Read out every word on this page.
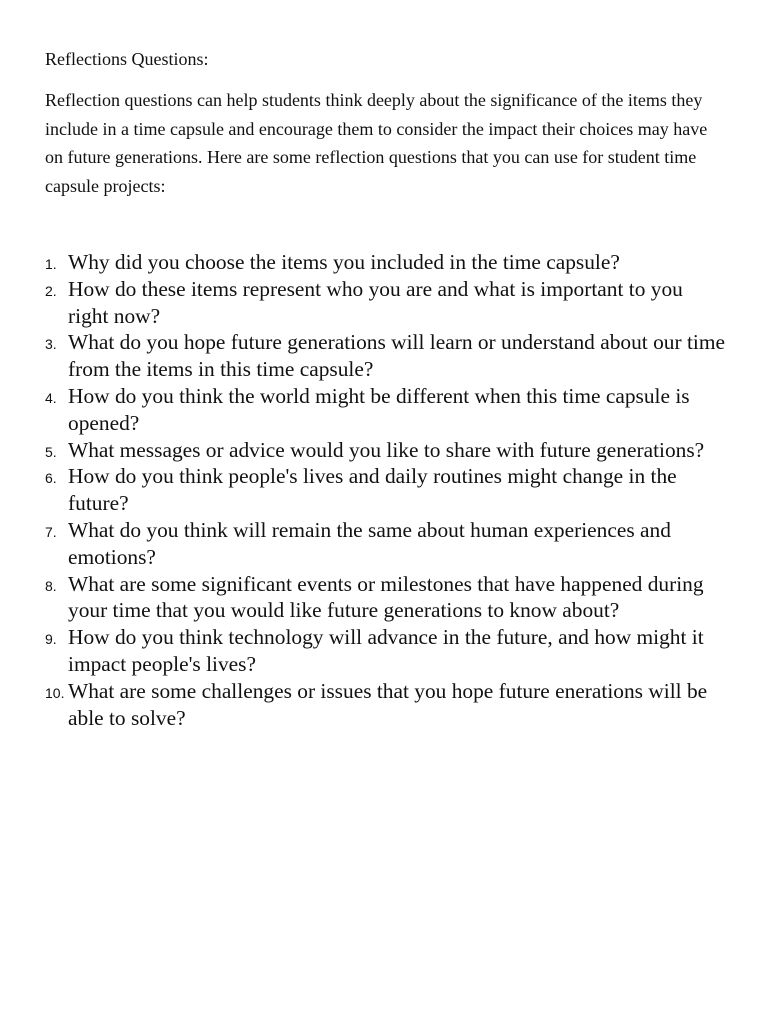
Reflections Questions:

Reflection questions can help students think deeply about the significance of the items they include in a time capsule and encourage them to consider the impact their choices may have on future generations. Here are some reflection questions that you can use for student time capsule projects:

1. Why did you choose the items you included in the time capsule?
2. How do these items represent who you are and what is important to you right now?
3. What do you hope future generations will learn or understand about our time from the items in this time capsule?
4. How do you think the world might be different when this time capsule is opened?
5. What messages or advice would you like to share with future generations?
6. How do you think people's lives and daily routines might change in the future?
7. What do you think will remain the same about human experiences and emotions?
8. What are some significant events or milestones that have happened during your time that you would like future generations to know about?
9. How do you think technology will advance in the future, and how might it impact people's lives?
10. What are some challenges or issues that you hope future enerations will be able to solve?
